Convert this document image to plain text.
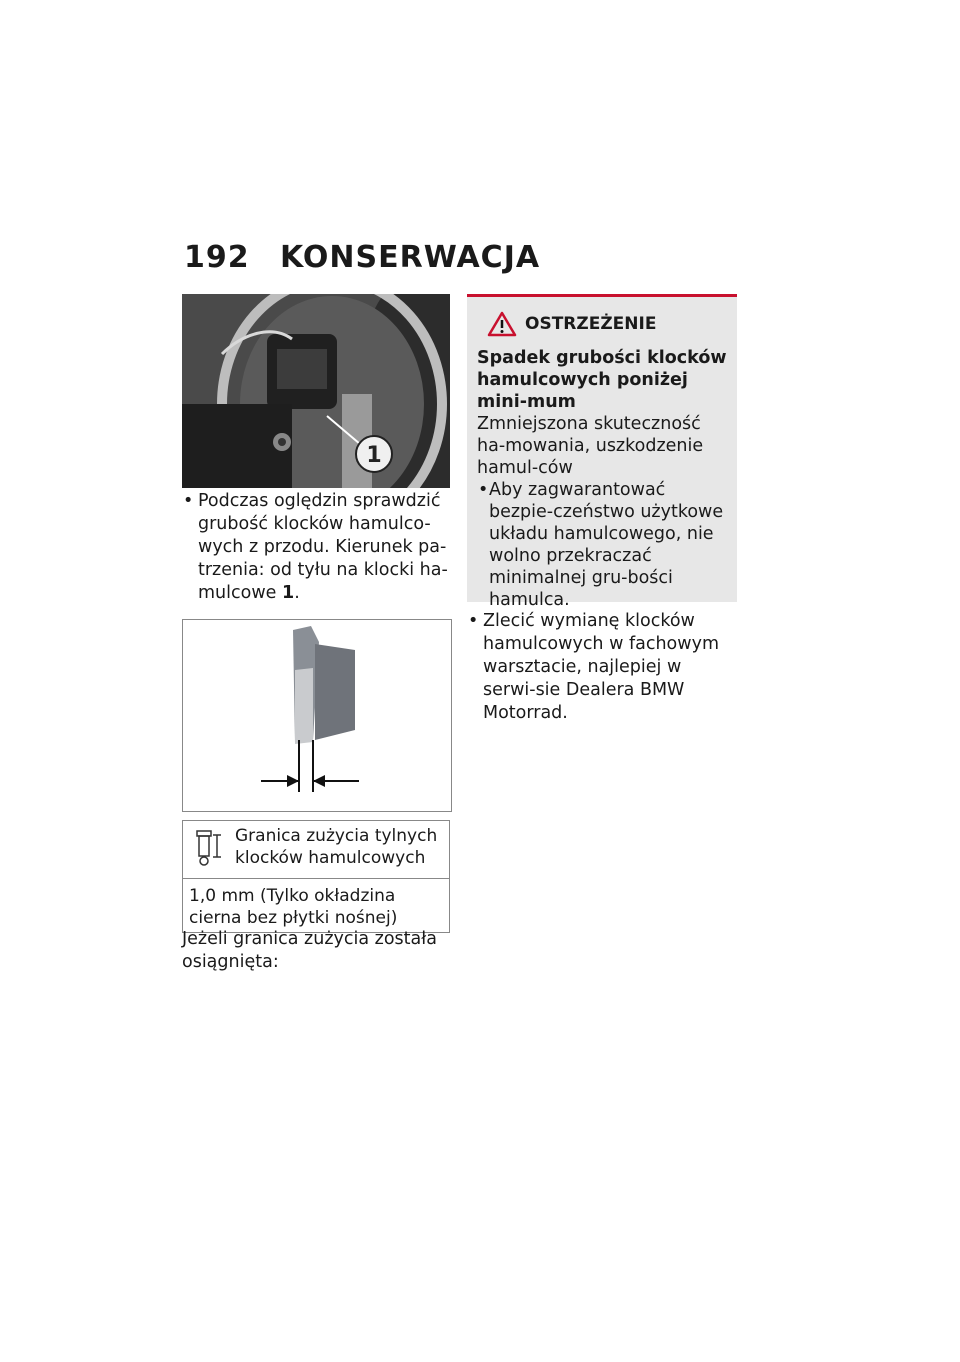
192 KONSERWACJA
1
• Podczas oględzin sprawdzić grubość klocków hamulco-wych z przodu. Kierunek pa-trzenia: od tyłu na klocki ha-mulcowe 1.
Granica zużycia tylnych klocków hamulcowych
1,0 mm (Tylko okładzina cierna bez płytki nośnej)
Jeżeli granica zużycia została osiągnięta:
OSTRZEŻENIE
Spadek grubości klocków hamulcowych poniżej mini-mum
Zmniejszona skuteczność ha-mowania, uszkodzenie hamul-ców
• Aby zagwarantować bezpie-czeństwo użytkowe układu hamulcowego, nie wolno przekraczać minimalnej gru-bości hamulca.
• Zlecić wymianę klocków hamulcowych w fachowym warsztacie, najlepiej w serwi-sie Dealera BMW Motorrad.
